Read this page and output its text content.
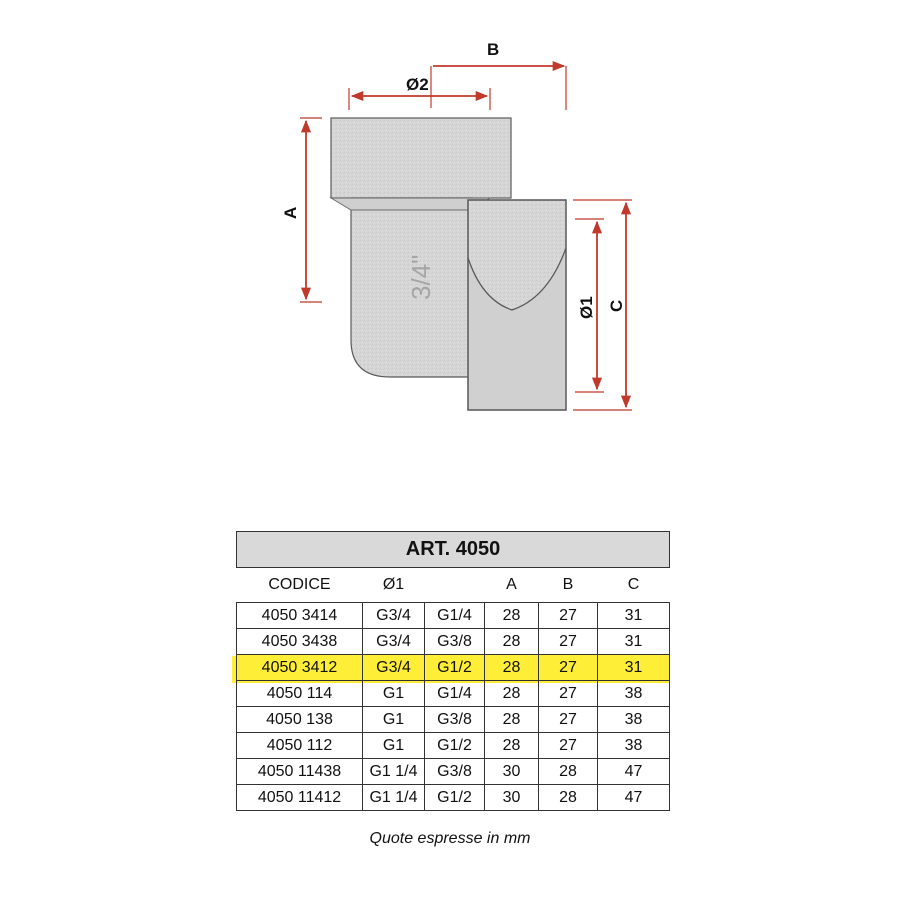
3/4"
B
Ø2
A
Ø1 C
ART. 4050					
CODICE	Ø1		A	B	C
4050 3414	G3/4	G1/4	28	27	31
4050 3438	G3/4	G3/8	28	27	31
4050 3412	G3/4	G1/2	28	27	31
4050 114	G1	G1/4	28	27	38
4050 138	G1	G3/8	28	27	38
4050 112	G1	G1/2	28	27	38
4050 11438	G1 1/4	G3/8	30	28	47
4050 11412	G1 1/4	G1/2	30	28	47
Quote espresse in mm
